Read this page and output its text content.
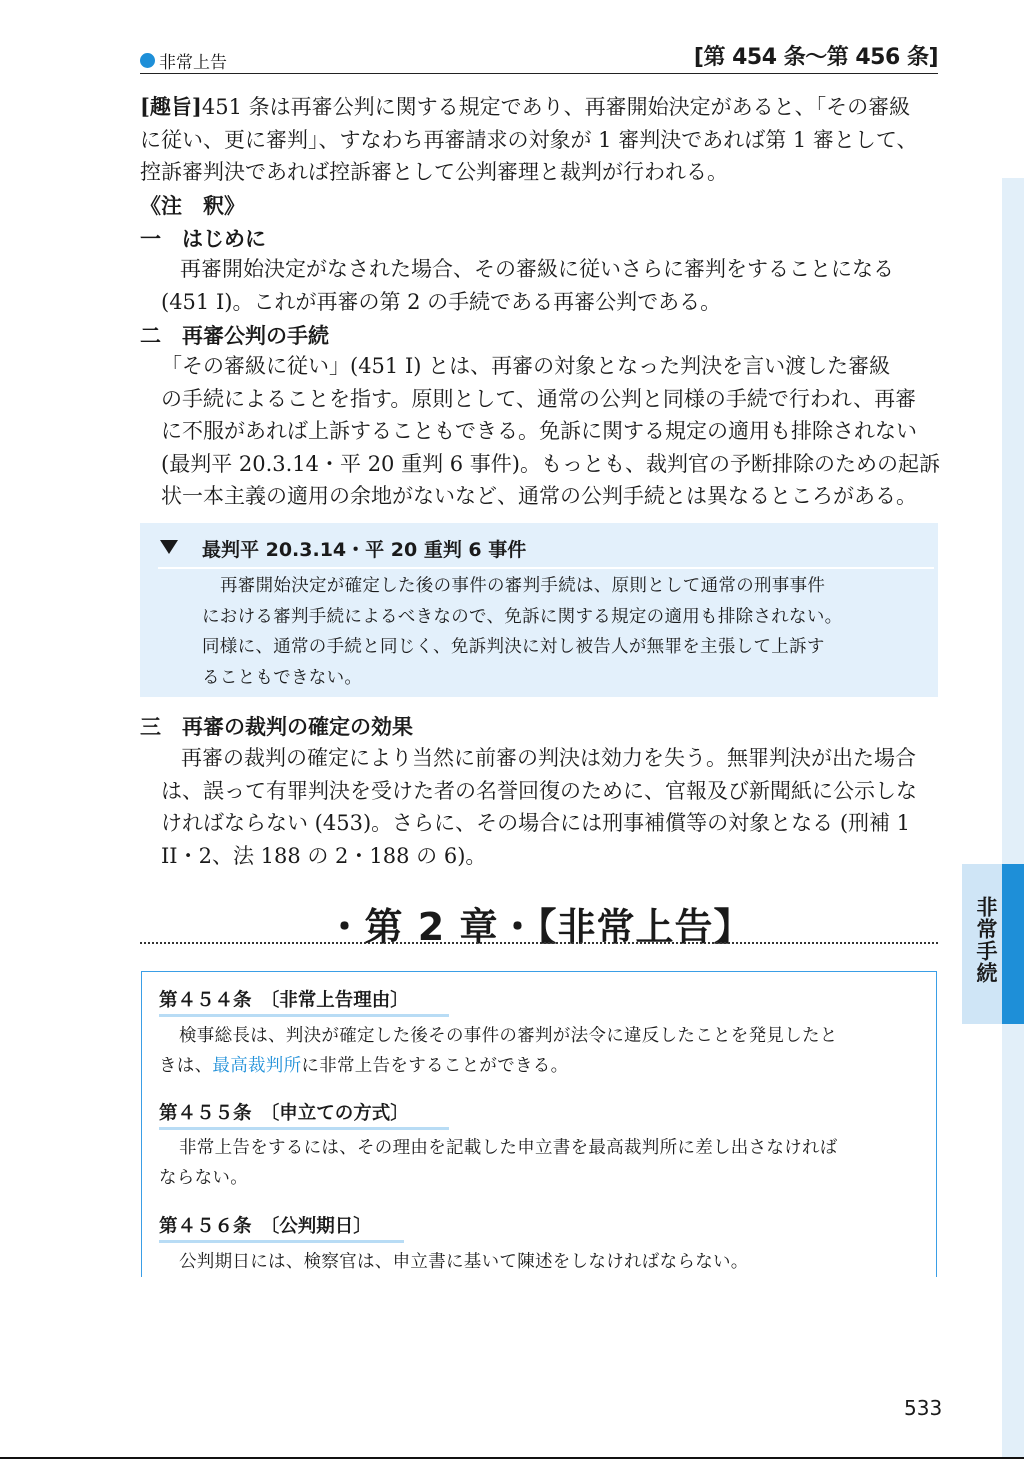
非常上告	[第 454 条〜第 456 条]
[趣旨]451 条は再審公判に関する規定であり、再審開始決定があると、「その審級
に従い、更に審判」、すなわち再審請求の対象が 1 審判決であれば第 1 審として、
控訴審判決であれば控訴審として公判審理と裁判が行われる。
《注　釈》
一　はじめに
再審開始決定がなされた場合、その審級に従いさらに審判をすることになる
(451 I)。これが再審の第 2 の手続である再審公判である。
二　再審公判の手続
「その審級に従い」(451 I) とは、再審の対象となった判決を言い渡した審級
の手続によることを指す。原則として、通常の公判と同様の手続で行われ、再審
に不服があれば上訴することもできる。免訴に関する規定の適用も排除されない
(最判平 20.3.14・平 20 重判 6 事件)。もっとも、裁判官の予断排除のための起訴
状一本主義の適用の余地がないなど、通常の公判手続とは異なるところがある。
最判平 20.3.14・平 20 重判 6 事件
再審開始決定が確定した後の事件の審判手続は、原則として通常の刑事事件
における審判手続によるべきなので、免訴に関する規定の適用も排除されない。
同様に、通常の手続と同じく、免訴判決に対し被告人が無罪を主張して上訴す
ることもできない。
三　再審の裁判の確定の効果
再審の裁判の確定により当然に前審の判決は効力を失う。無罪判決が出た場合
は、誤って有罪判決を受けた者の名誉回復のために、官報及び新聞紙に公示しな
ければならない (453)。さらに、その場合には刑事補償等の対象となる (刑補 1
II・2、法 188 の 2・188 の 6)。
・第 2 章・【非常上告】
第４５４条　〔非常上告理由〕
検事総長は、判決が確定した後その事件の審判が法令に違反したことを発見したと
きは、最高裁判所に非常上告をすることができる。
第４５５条　〔申立ての方式〕
非常上告をするには、その理由を記載した申立書を最高裁判所に差し出さなければ
ならない。
第４５６条　〔公判期日〕
公判期日には、検察官は、申立書に基いて陳述をしなければならない。
非常手続
533
